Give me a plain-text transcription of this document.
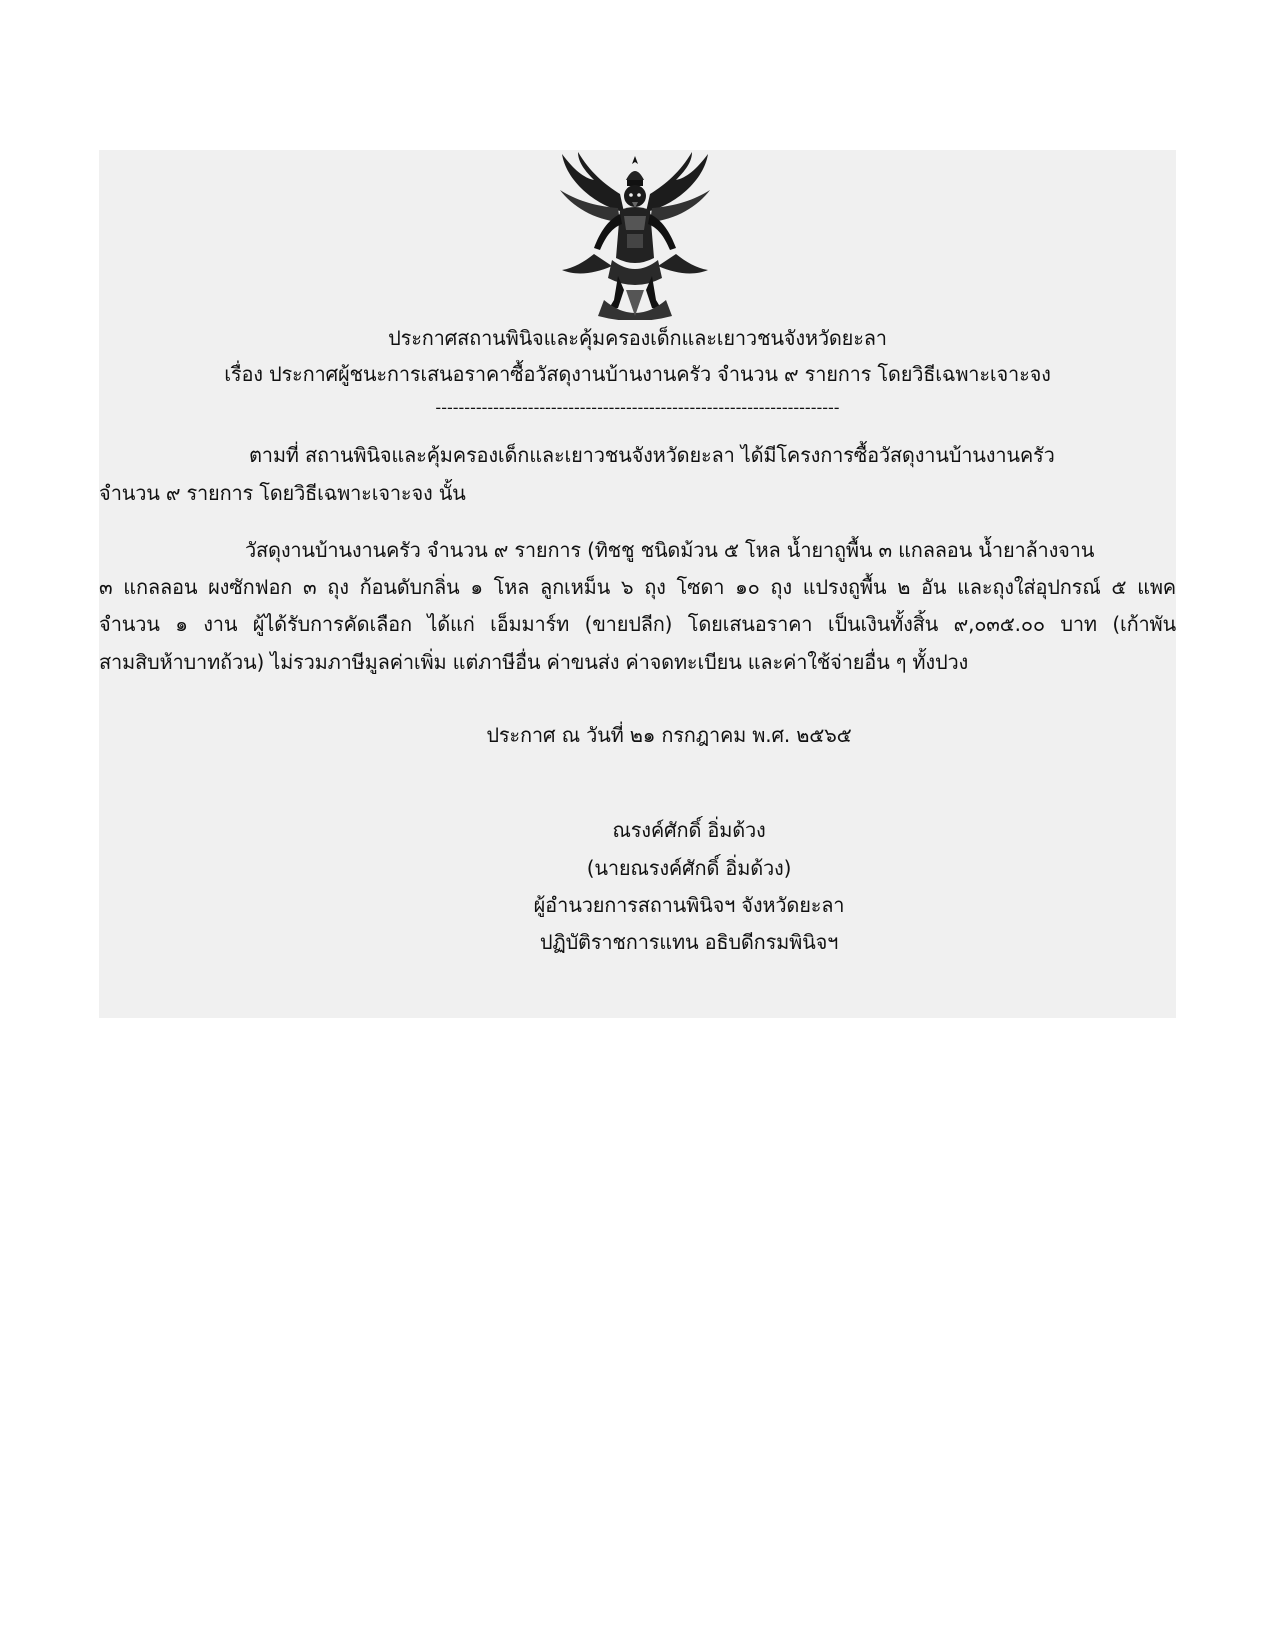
ประกาศสถานพินิจและคุ้มครองเด็กและเยาวชนจังหวัดยะลา

เรื่อง ประกาศผู้ชนะการเสนอราคาซื้อวัสดุงานบ้านงานครัว จำนวน ๙ รายการ โดยวิธีเฉพาะเจาะจง

----------------------------------------------------------------------

ตามที่ สถานพินิจและคุ้มครองเด็กและเยาวชนจังหวัดยะลา ได้มีโครงการซื้อวัสดุงานบ้านงานครัว

จำนวน ๙ รายการ โดยวิธีเฉพาะเจาะจง นั้น

วัสดุงานบ้านงานครัว จำนวน ๙ รายการ (ทิชชู ชนิดม้วน ๕ โหล น้ำยาถูพื้น ๓ แกลลอน น้ำยาล้างจาน

๓ แกลลอน ผงซักฟอก ๓ ถุง ก้อนดับกลิ่น ๑ โหล ลูกเหม็น ๖ ถุง โซดา ๑๐ ถุง แปรงถูพื้น ๒ อัน และถุงใส่อุปกรณ์ ๕ แพค

จำนวน ๑ งาน ผู้ได้รับการคัดเลือก ได้แก่ เอ็มมาร์ท (ขายปลีก) โดยเสนอราคา เป็นเงินทั้งสิ้น ๙,๐๓๕.๐๐ บาท (เก้าพัน

สามสิบห้าบาทถ้วน) ไม่รวมภาษีมูลค่าเพิ่ม แต่ภาษีอื่น ค่าขนส่ง ค่าจดทะเบียน และค่าใช้จ่ายอื่น ๆ ทั้งปวง

ประกาศ ณ วันที่ ๒๑ กรกฎาคม พ.ศ. ๒๕๖๕

ณรงค์ศักดิ์ อิ่มด้วง

(นายณรงค์ศักดิ์ อิ่มด้วง)

ผู้อำนวยการสถานพินิจฯ จังหวัดยะลา

ปฏิบัติราชการแทน อธิบดีกรมพินิจฯ
